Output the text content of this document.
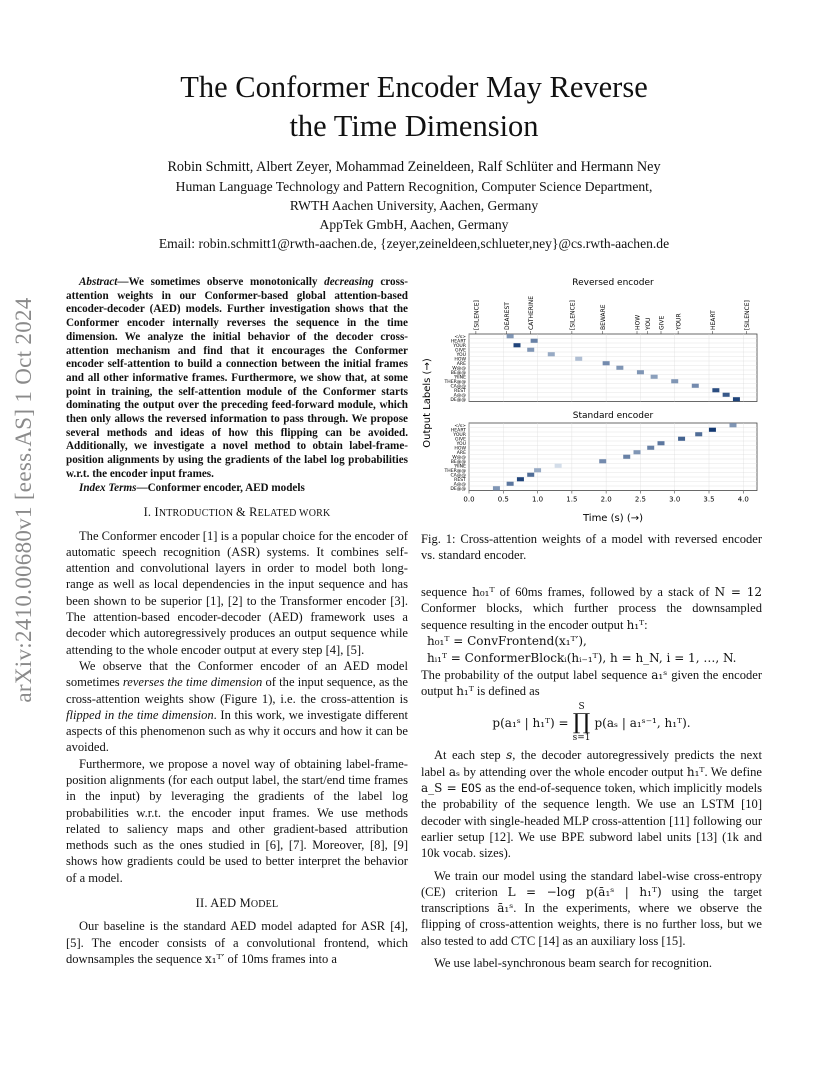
arXiv:2410.00680v1 [eess.AS] 1 Oct 2024
The Conformer Encoder May Reverse
the Time Dimension
Robin Schmitt, Albert Zeyer, Mohammad Zeineldeen, Ralf Schlüter and Hermann Ney
Human Language Technology and Pattern Recognition, Computer Science Department,
RWTH Aachen University, Aachen, Germany
AppTek GmbH, Aachen, Germany
Email: robin.schmitt1@rwth-aachen.de, {zeyer,zeineldeen,schlueter,ney}@cs.rwth-aachen.de

Abstract—We sometimes observe monotonically decreasing cross-attention weights in our Conformer-based global attention-based encoder-decoder (AED) models. Further investigation shows that the Conformer encoder internally reverses the sequence in the time dimension. We analyze the initial behavior of the decoder cross-attention mechanism and find that it encourages the Conformer encoder self-attention to build a connection between the initial frames and all other informative frames. Furthermore, we show that, at some point in training, the self-attention module of the Conformer starts dominating the output over the preceding feed-forward module, which then only allows the reversed information to pass through. We propose several methods and ideas of how this flipping can be avoided. Additionally, we investigate a novel method to obtain label-frame-position alignments by using the gradients of the label log probabilities w.r.t. the encoder input frames.

Index Terms—Conformer encoder, AED models

I. INTRODUCTION & RELATED WORK

The Conformer encoder [1] is a popular choice for the encoder of automatic speech recognition (ASR) systems. It combines self-attention and convolutional layers in order to model both long-range as well as local dependencies in the input sequence and has been shown to be superior [1], [2] to the Transformer encoder [3]. The attention-based encoder-decoder (AED) framework uses a decoder which autoregressively produces an output sequence while attending to the whole encoder output at every step [4], [5].

We observe that the Conformer encoder of an AED model sometimes reverses the time dimension of the input sequence, as the cross-attention weights show (Figure 1), i.e. the cross-attention is flipped in the time dimension. In this work, we investigate different aspects of this phenomenon such as why it occurs and how it can be avoided.

Furthermore, we propose a novel way of obtaining label-frame-position alignments (for each output label, the start/end time frames in the input) by leveraging the gradients of the label log probabilities w.r.t. the encoder input frames. We use methods related to saliency maps and other gradient-based attribution methods such as the ones studied in [6], [7]. Moreover, [8], [9] shows how gradients could be used to better interpret the behavior of a model.

II. AED MODEL

Our baseline is the standard AED model adapted for ASR [4], [5]. The encoder consists of a convolutional frontend, which downsamples the sequence x₁ᵀ′ of 10ms frames into a

Reversed encoder
</s>
HEART
YOUR
GIVE
YOU
HOW
ARE
W@@
BE@@
'RINE
THER@@
CA@@
REST
A@@
DE@@
[SILENCE]	DEAREST	CATHERINE	[SILENCE]	BEWARE	HOW YOU GIVE YOUR	HEART	[SILENCE]
Standard encoder
</s>
HEART
YOUR
GIVE
YOU
HOW
ARE
W@@
BE@@
'RINE
THER@@
CA@@
REST
A@@
DE@@
0.0	0.5	1.0	1.5	2.0	2.5	3.0	3.5	4.0
Time (s) (→)
Output Labels (→)
Fig. 1: Cross-attention weights of a model with reversed encoder vs. standard encoder.

sequence h₀₁ᵀ of 60ms frames, followed by a stack of N = 12 Conformer blocks, which further process the downsampled sequence resulting in the encoder output h₁ᵀ:

h₀₁ᵀ = ConvFrontend(x₁ᵀ′),
hᵢ₁ᵀ = ConformerBlockᵢ(hᵢ₋₁ᵀ), h = h_N, i = 1, …, N.

The probability of the output label sequence a₁ˢ given the encoder output h₁ᵀ is defined as

p(a₁ˢ | h₁ᵀ) =
S
∏
s=1
p(aₛ | a₁ˢ⁻¹, h₁ᵀ).

At each step s, the decoder autoregressively predicts the next label aₛ by attending over the whole encoder output h₁ᵀ. We define a_S = EOS as the end-of-sequence token, which implicitly models the probability of the sequence length. We use an LSTM [10] decoder with single-headed MLP cross-attention [11] following our earlier setup [12]. We use BPE subword label units [13] (1k and 10k vocab. sizes).

We train our model using the standard label-wise cross-entropy (CE) criterion L = −log p(ā₁ˢ | h₁ᵀ) using the target transcriptions ā₁ˢ. In the experiments, where we observe the flipping of cross-attention weights, there is no further loss, but we also tested to add CTC [14] as an auxiliary loss [15].

We use label-synchronous beam search for recognition.
